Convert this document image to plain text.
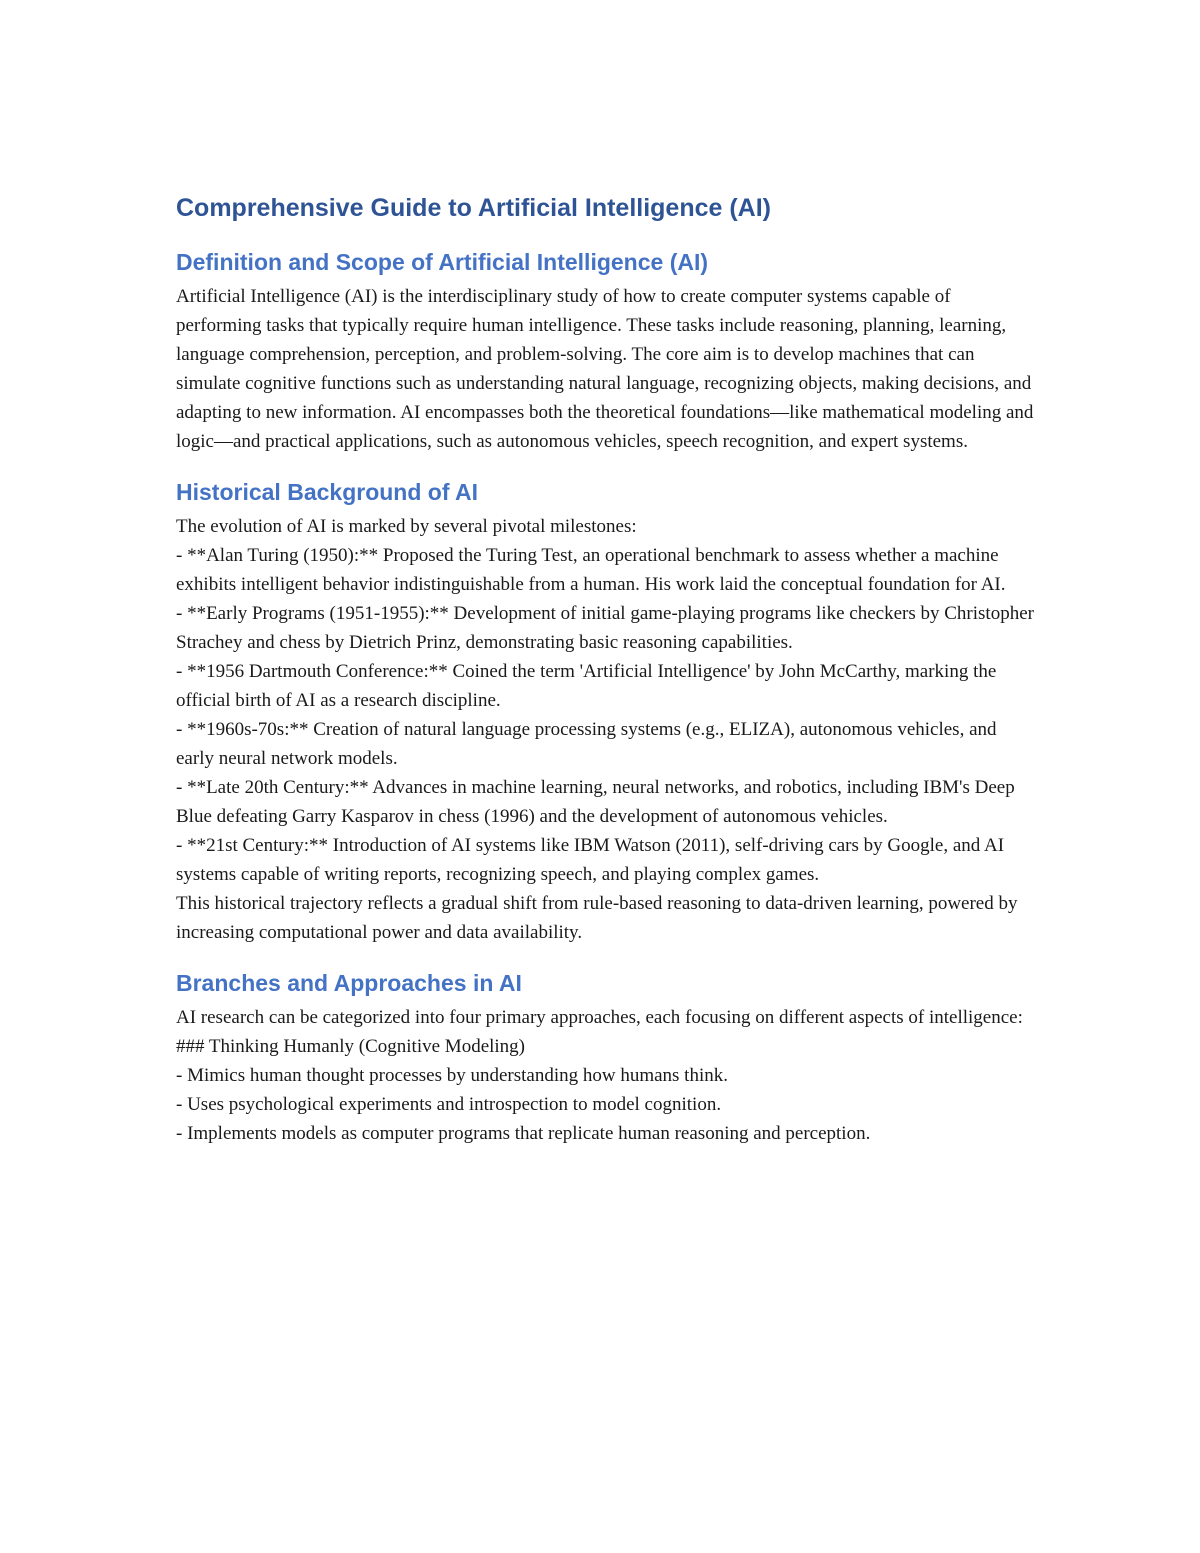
Comprehensive Guide to Artificial Intelligence (AI)
Definition and Scope of Artificial Intelligence (AI)

Artificial Intelligence (AI) is the interdisciplinary study of how to create computer systems capable of performing tasks that typically require human intelligence. These tasks include reasoning, planning, learning, language comprehension, perception, and problem-solving. The core aim is to develop machines that can simulate cognitive functions such as understanding natural language, recognizing objects, making decisions, and adapting to new information. AI encompasses both the theoretical foundations—like mathematical modeling and logic—and practical applications, such as autonomous vehicles, speech recognition, and expert systems.

Historical Background of AI

The evolution of AI is marked by several pivotal milestones:

- **Alan Turing (1950):** Proposed the Turing Test, an operational benchmark to assess whether a machine exhibits intelligent behavior indistinguishable from a human. His work laid the conceptual foundation for AI.

- **Early Programs (1951-1955):** Development of initial game-playing programs like checkers by Christopher Strachey and chess by Dietrich Prinz, demonstrating basic reasoning capabilities.

- **1956 Dartmouth Conference:** Coined the term 'Artificial Intelligence' by John McCarthy, marking the official birth of AI as a research discipline.

- **1960s-70s:** Creation of natural language processing systems (e.g., ELIZA), autonomous vehicles, and early neural network models.

- **Late 20th Century:** Advances in machine learning, neural networks, and robotics, including IBM's Deep Blue defeating Garry Kasparov in chess (1996) and the development of autonomous vehicles.

- **21st Century:** Introduction of AI systems like IBM Watson (2011), self-driving cars by Google, and AI systems capable of writing reports, recognizing speech, and playing complex games.

This historical trajectory reflects a gradual shift from rule-based reasoning to data-driven learning, powered by increasing computational power and data availability.

Branches and Approaches in AI

AI research can be categorized into four primary approaches, each focusing on different aspects of intelligence:

### Thinking Humanly (Cognitive Modeling)

- Mimics human thought processes by understanding how humans think.

- Uses psychological experiments and introspection to model cognition.

- Implements models as computer programs that replicate human reasoning and perception.
